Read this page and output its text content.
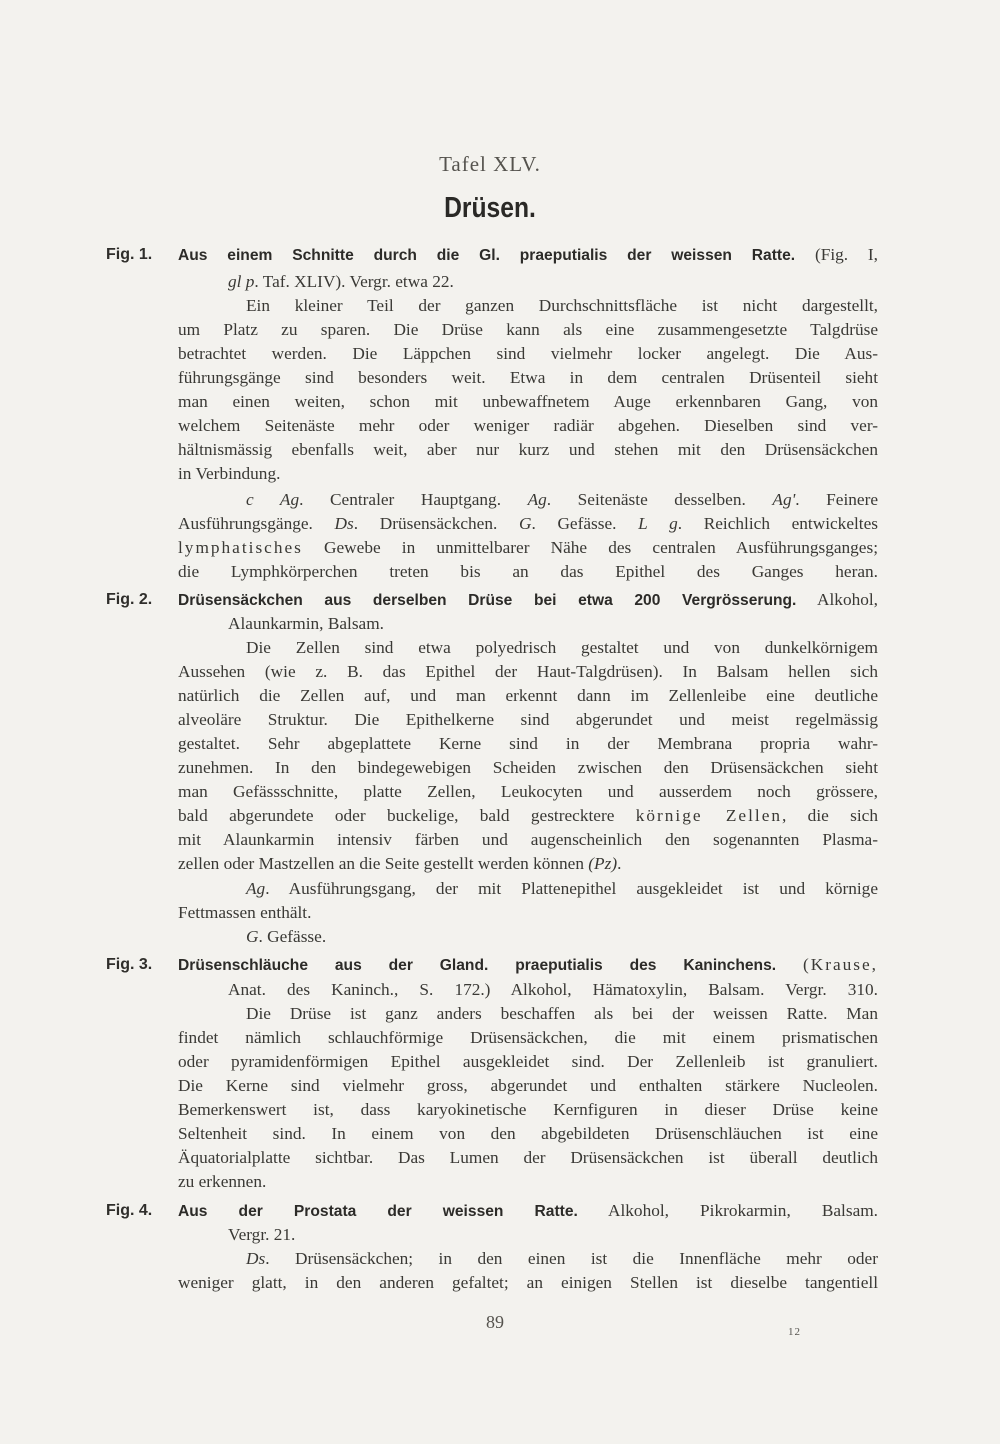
Tafel XLV.
Drüsen.
Fig. 1. Aus einem Schnitte durch die Gl. praeputialis der weissen Ratte. (Fig. I,
gl p. Taf. XLIV). Vergr. etwa 22.
Ein kleiner Teil der ganzen Durchschnittsfläche ist nicht dargestellt,
um Platz zu sparen. Die Drüse kann als eine zusammengesetzte Talgdrüse
betrachtet werden. Die Läppchen sind vielmehr locker angelegt. Die Aus-
führungsgänge sind besonders weit. Etwa in dem centralen Drüsenteil sieht
man einen weiten, schon mit unbewaffnetem Auge erkennbaren Gang, von
welchem Seitenäste mehr oder weniger radiär abgehen. Dieselben sind ver-
hältnismässig ebenfalls weit, aber nur kurz und stehen mit den Drüsensäckchen
in Verbindung.
c Ag. Centraler Hauptgang. Ag. Seitenäste desselben. Ag'. Feinere
Ausführungsgänge. Ds. Drüsensäckchen. G. Gefässe. L g. Reichlich entwickeltes
lymphatisches Gewebe in unmittelbarer Nähe des centralen Ausführungsganges;
die Lymphkörperchen treten bis an das Epithel des Ganges heran.
Fig. 2. Drüsensäckchen aus derselben Drüse bei etwa 200 Vergrösserung. Alkohol,
Alaunkarmin, Balsam.
Die Zellen sind etwa polyedrisch gestaltet und von dunkelkörnigem
Aussehen (wie z. B. das Epithel der Haut-Talgdrüsen). In Balsam hellen sich
natürlich die Zellen auf, und man erkennt dann im Zellenleibe eine deutliche
alveoläre Struktur. Die Epithelkerne sind abgerundet und meist regelmässig
gestaltet. Sehr abgeplattete Kerne sind in der Membrana propria wahr-
zunehmen. In den bindegewebigen Scheiden zwischen den Drüsensäckchen sieht
man Gefässschnitte, platte Zellen, Leukocyten und ausserdem noch grössere,
bald abgerundete oder buckelige, bald gestrecktere körnige Zellen, die sich
mit Alaunkarmin intensiv färben und augenscheinlich den sogenannten Plasma-
zellen oder Mastzellen an die Seite gestellt werden können (Pz).
Ag. Ausführungsgang, der mit Plattenepithel ausgekleidet ist und körnige
Fettmassen enthält.
G. Gefässe.
Fig. 3. Drüsenschläuche aus der Gland. praeputialis des Kaninchens. (Krause,
Anat. des Kaninch., S. 172.) Alkohol, Hämatoxylin, Balsam. Vergr. 310.
Die Drüse ist ganz anders beschaffen als bei der weissen Ratte. Man
findet nämlich schlauchförmige Drüsensäckchen, die mit einem prismatischen
oder pyramidenförmigen Epithel ausgekleidet sind. Der Zellenleib ist granuliert.
Die Kerne sind vielmehr gross, abgerundet und enthalten stärkere Nucleolen.
Bemerkenswert ist, dass karyokinetische Kernfiguren in dieser Drüse keine
Seltenheit sind. In einem von den abgebildeten Drüsenschläuchen ist eine
Äquatorialplatte sichtbar. Das Lumen der Drüsensäckchen ist überall deutlich
zu erkennen.
Fig. 4. Aus der Prostata der weissen Ratte. Alkohol, Pikrokarmin, Balsam.
Vergr. 21.
Ds. Drüsensäckchen; in den einen ist die Innenfläche mehr oder
weniger glatt, in den anderen gefaltet; an einigen Stellen ist dieselbe tangentiell
89	12
